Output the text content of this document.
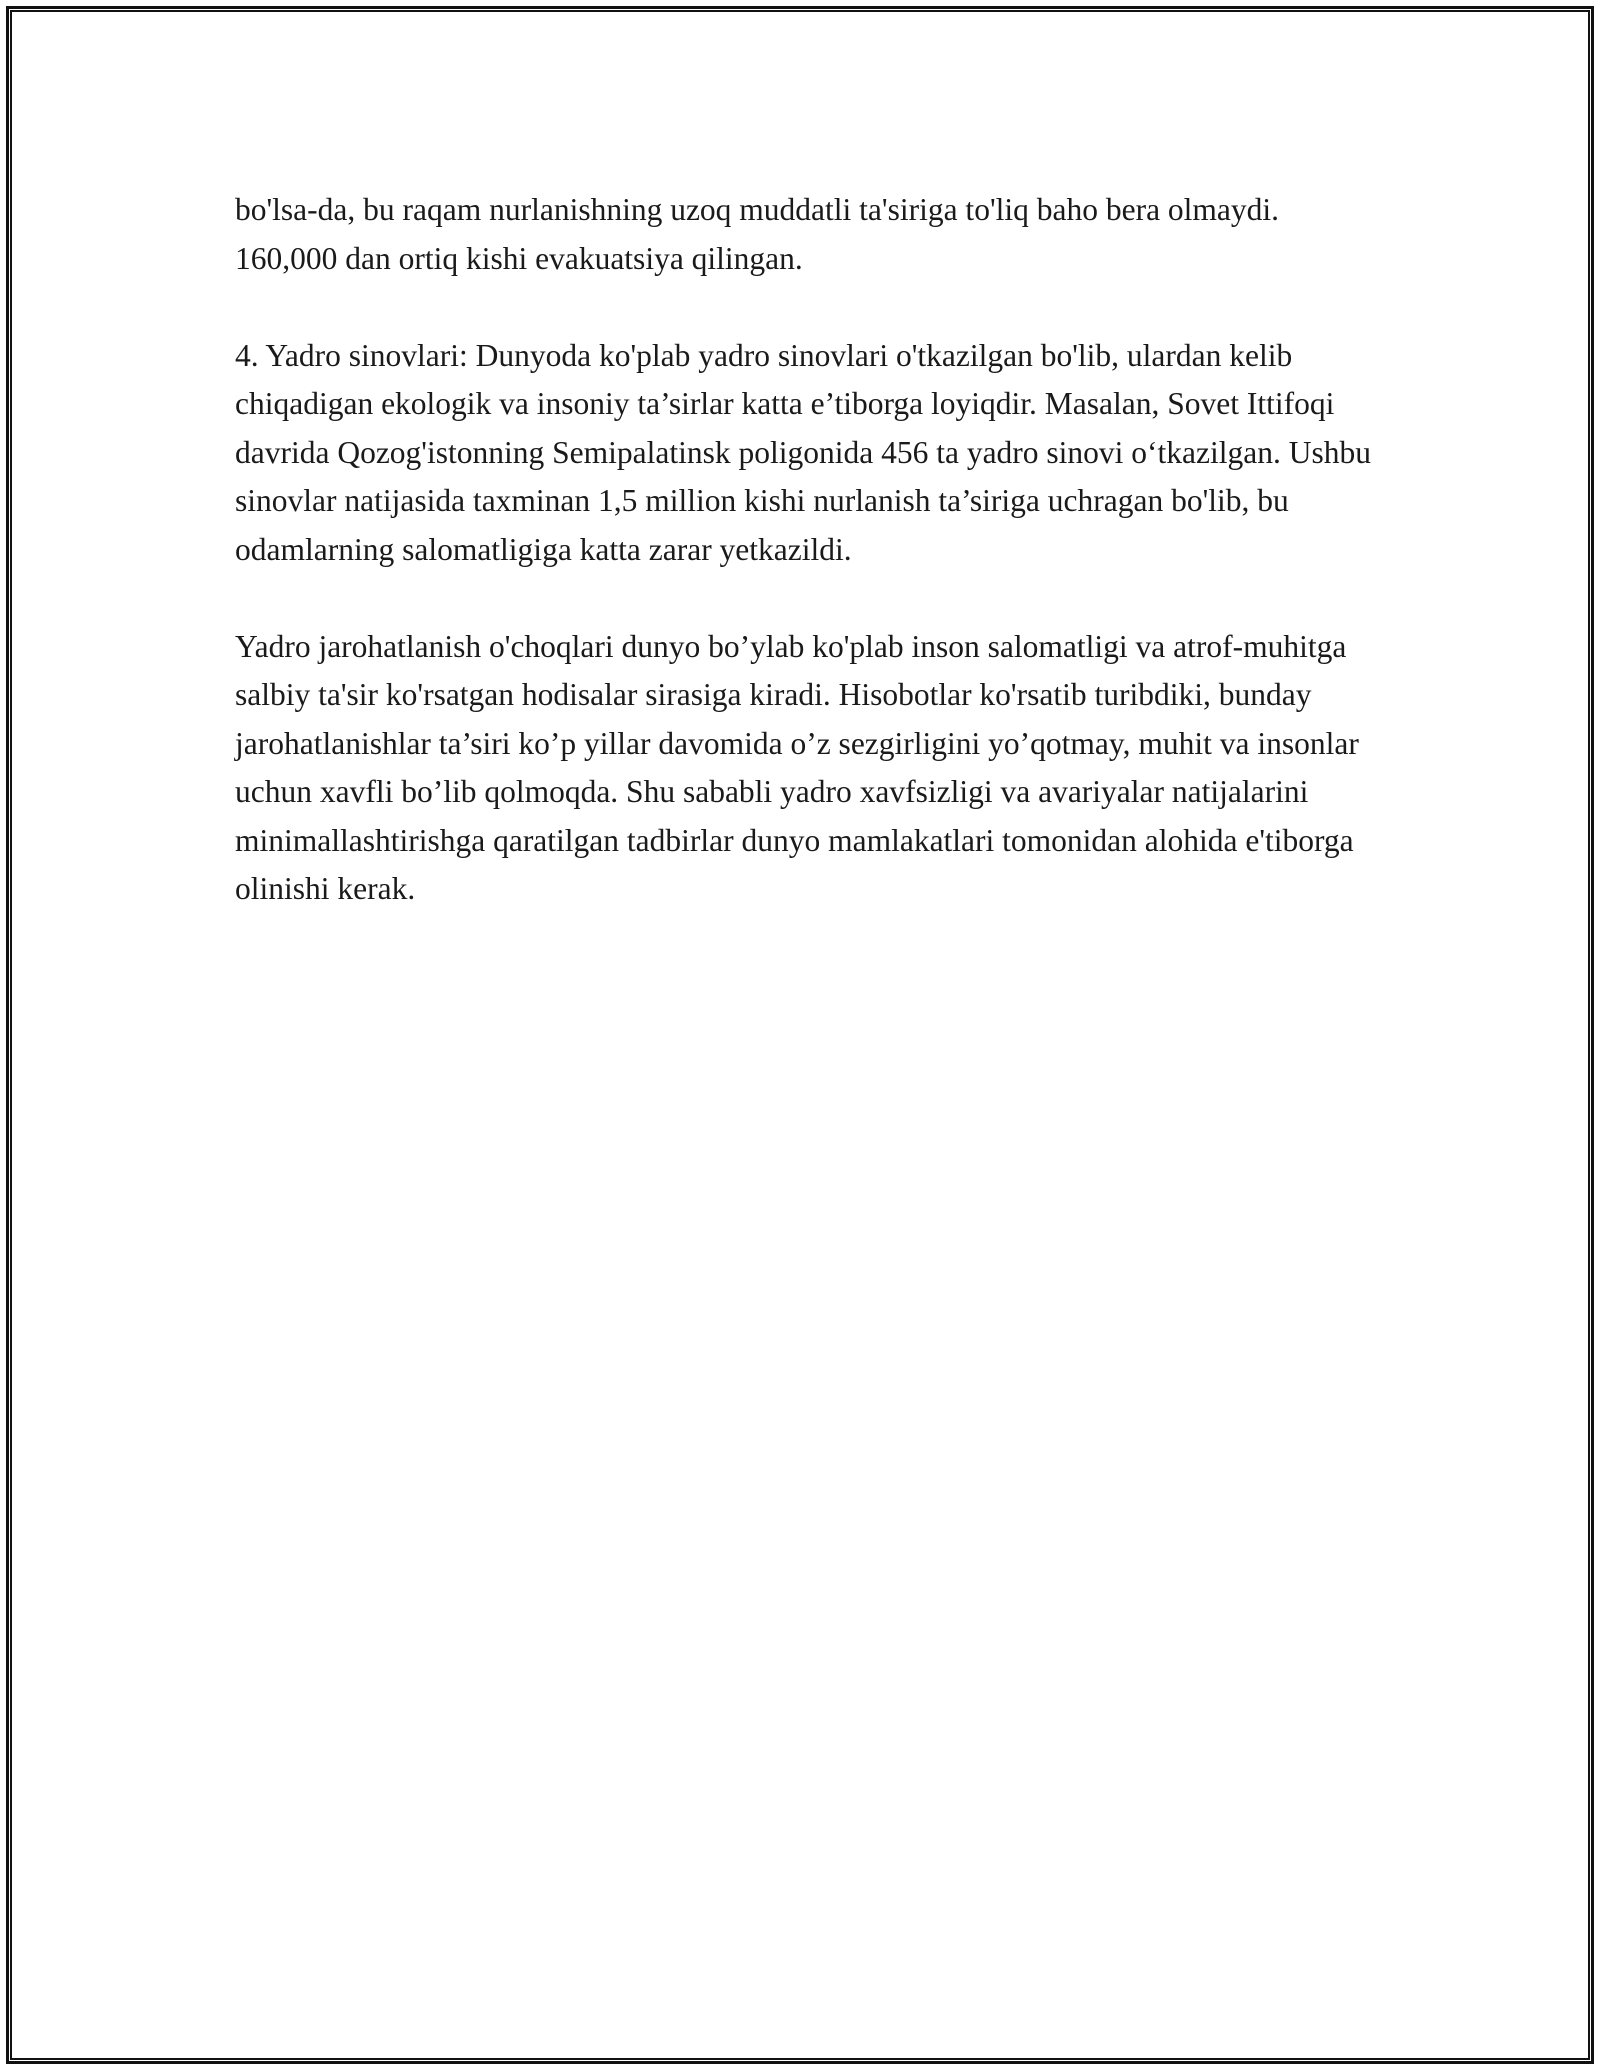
bo'lsa-da, bu raqam nurlanishning uzoq muddatli ta'siriga to'liq baho bera olmaydi. 160,000 dan ortiq kishi evakuatsiya qilingan.

4. Yadro sinovlari: Dunyoda ko'plab yadro sinovlari o'tkazilgan bo'lib, ulardan kelib chiqadigan ekologik va insoniy ta’sirlar katta e’tiborga loyiqdir. Masalan, Sovet Ittifoqi davrida Qozog'istonning Semipalatinsk poligonida 456 ta yadro sinovi o‘tkazilgan. Ushbu sinovlar natijasida taxminan 1,5 million kishi nurlanish ta’siriga uchragan bo'lib, bu odamlarning salomatligiga katta zarar yetkazildi.

Yadro jarohatlanish o'choqlari dunyo bo’ylab ko'plab inson salomatligi va atrof-muhitga salbiy ta'sir ko'rsatgan hodisalar sirasiga kiradi. Hisobotlar ko'rsatib turibdiki, bunday jarohatlanishlar ta’siri ko’p yillar davomida o’z sezgirligini yo’qotmay, muhit va insonlar uchun xavfli bo’lib qolmoqda. Shu sababli yadro xavfsizligi va avariyalar natijalarini minimallashtirishga qaratilgan tadbirlar dunyo mamlakatlari tomonidan alohida e'tiborga olinishi kerak.
